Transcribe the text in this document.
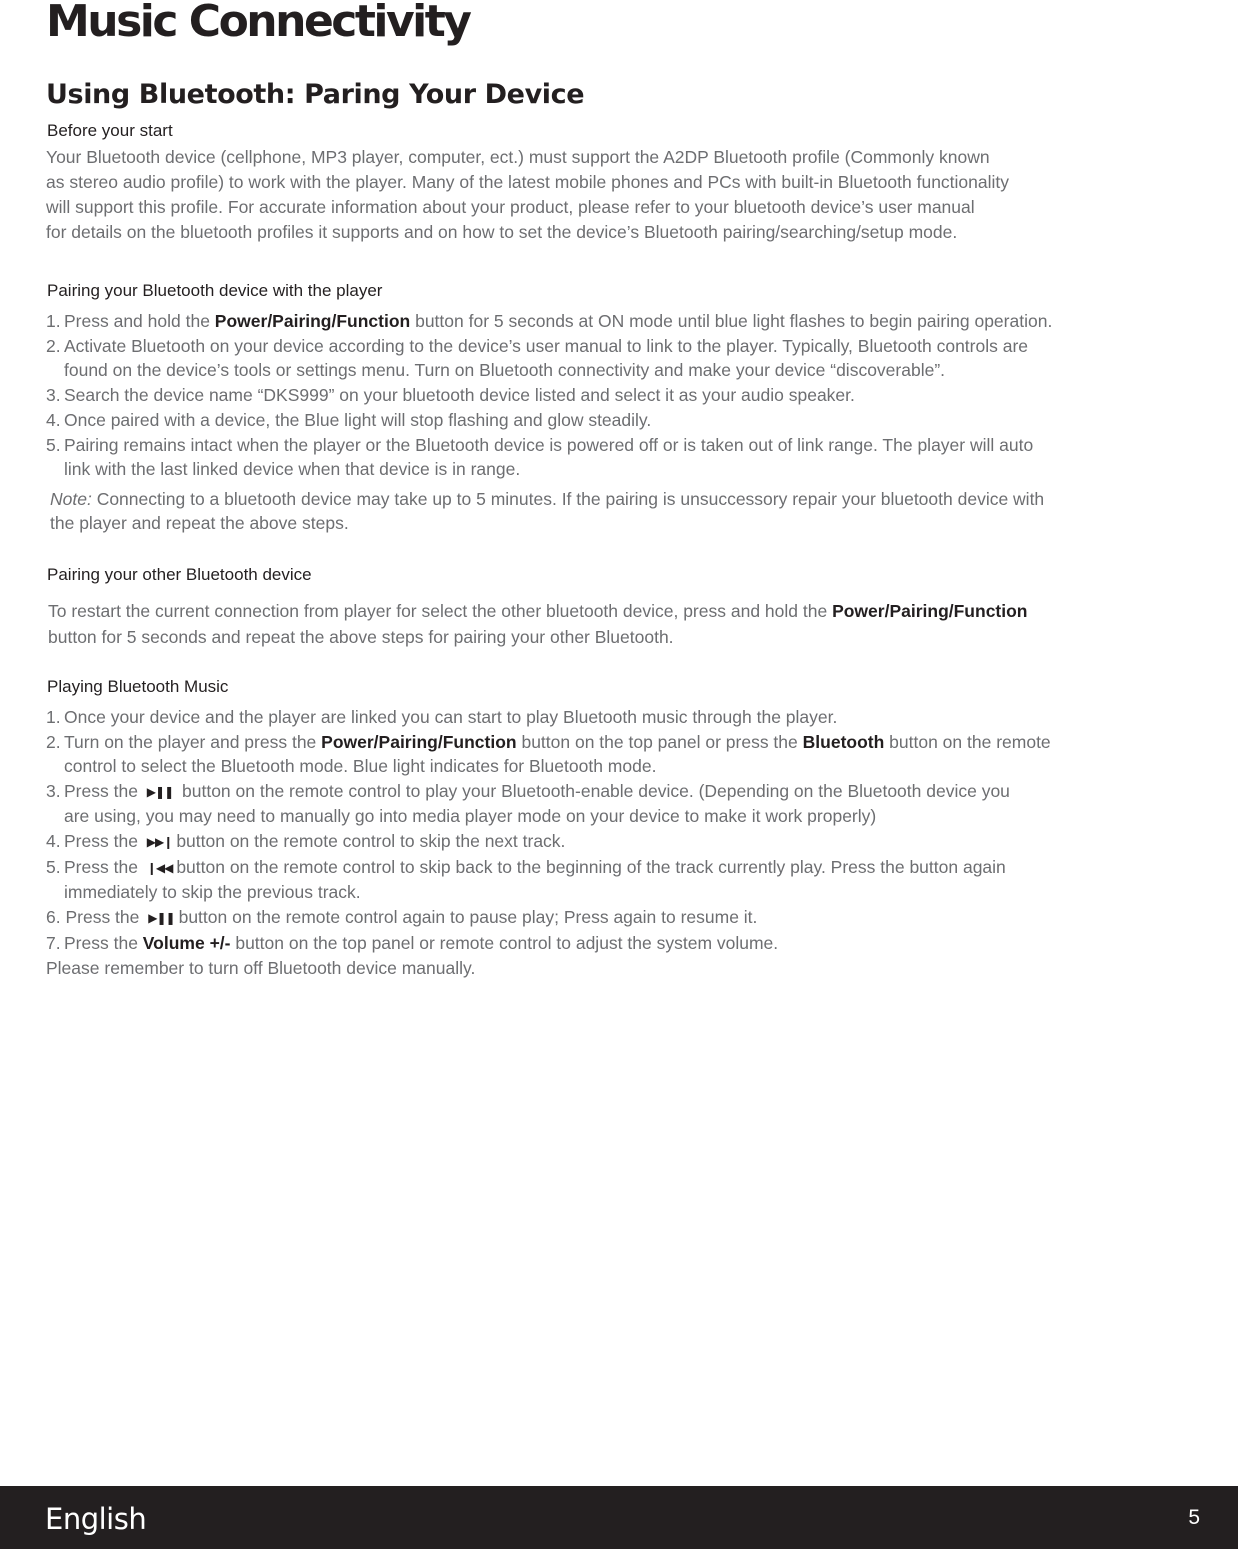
Music Connectivity
Using Bluetooth: Paring Your Device
Before your start
Your Bluetooth device (cellphone, MP3 player, computer, ect.) must support the A2DP Bluetooth profile (Commonly known
as stereo audio profile) to work with the player. Many of the latest mobile phones and PCs with built-in Bluetooth functionality
will support this profile. For accurate information about your product, please refer to your bluetooth device’s user manual
for details on the bluetooth profiles it supports and on how to set the device’s Bluetooth pairing/searching/setup mode.
Pairing your Bluetooth device with the player
1. Press and hold the Power/Pairing/Function button for 5 seconds at ON mode until blue light flashes to begin pairing operation.
2. Activate Bluetooth on your device according to the device’s user manual to link to the player. Typically, Bluetooth controls are
found on the device’s tools or settings menu. Turn on Bluetooth connectivity and make your device “discoverable”.
3. Search the device name “DKS999” on your bluetooth device listed and select it as your audio speaker.
4. Once paired with a device, the Blue light will stop flashing and glow steadily.
5. Pairing remains intact when the player or the Bluetooth device is powered off or is taken out of link range. The player will auto
link with the last linked device when that device is in range.
Note: Connecting to a bluetooth device may take up to 5 minutes. If the pairing is unsuccessory repair your bluetooth device with
the player and repeat the above steps.
Pairing your other Bluetooth device
To restart the current connection from player for select the other bluetooth device, press and hold the Power/Pairing/Function
button for 5 seconds and repeat the above steps for pairing your other Bluetooth.
Playing Bluetooth Music
1. Once your device and the player are linked you can start to play Bluetooth music through the player.
2. Turn on the player and press the Power/Pairing/Function button on the top panel or press the Bluetooth button on the remote
control to select the Bluetooth mode. Blue light indicates for Bluetooth mode.
3. Press the ▶❚❚ button on the remote control to play your Bluetooth-enable device. (Depending on the Bluetooth device you
are using, you may need to manually go into media player mode on your device to make it work properly)
4. Press the ▶▶❙ button on the remote control to skip the next track.
5. Press the ❙◀◀ button on the remote control to skip back to the beginning of the track currently play. Press the button again
immediately to skip the previous track.
6. Press the ▶❚❚ button on the remote control again to pause play; Press again to resume it.
7. Press the Volume +/- button on the top panel or remote control to adjust the system volume.
Please remember to turn off Bluetooth device manually.
English	5
